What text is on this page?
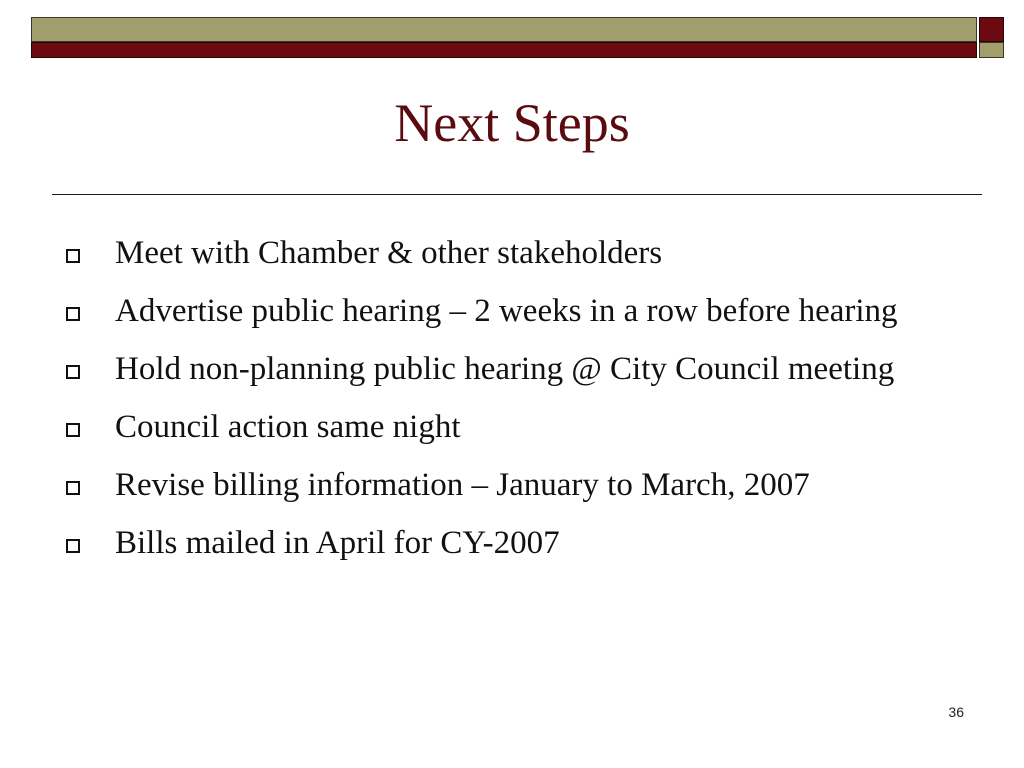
Next Steps
Meet with Chamber & other stakeholders
Advertise public hearing – 2 weeks in a row before hearing
Hold non-planning public hearing @ City Council meeting
Council action same night
Revise billing information – January to March, 2007
Bills mailed in April for CY-2007
36
